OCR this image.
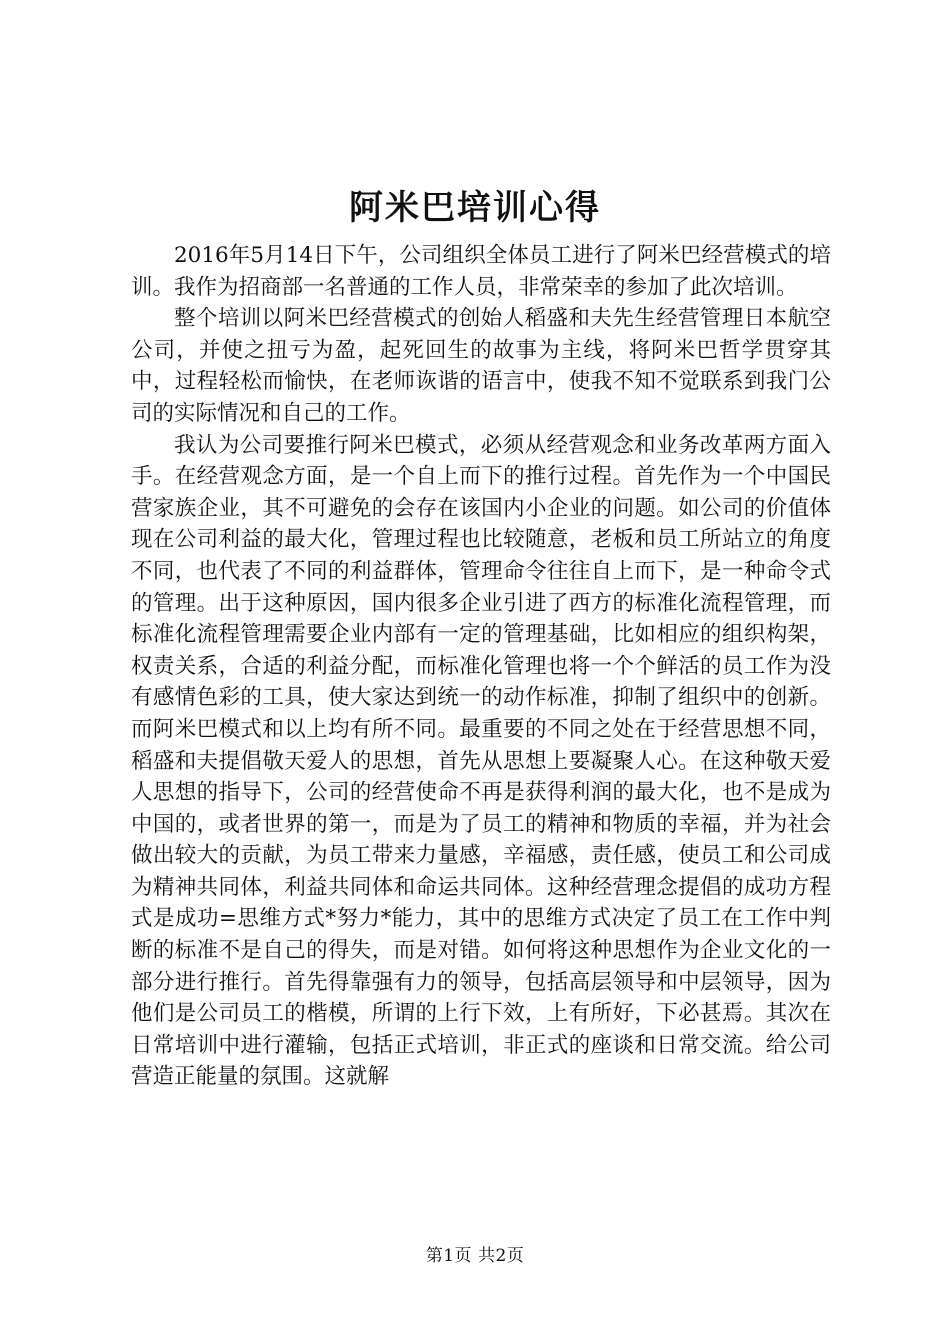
阿米巴培训心得

2016年5月14日下午，公司组织全体员工进行了阿米巴经营模式的培训。我作为招商部一名普通的工作人员，非常荣幸的参加了此次培训。

整个培训以阿米巴经营模式的创始人稻盛和夫先生经营管理日本航空公司，并使之扭亏为盈，起死回生的故事为主线，将阿米巴哲学贯穿其中，过程轻松而愉快，在老师诙谐的语言中，使我不知不觉联系到我门公司的实际情况和自己的工作。

我认为公司要推行阿米巴模式，必须从经营观念和业务改革两方面入手。在经营观念方面，是一个自上而下的推行过程。首先作为一个中国民营家族企业，其不可避免的会存在该国内小企业的问题。如公司的价值体现在公司利益的最大化，管理过程也比较随意，老板和员工所站立的角度不同，也代表了不同的利益群体，管理命令往往自上而下，是一种命令式的管理。出于这种原因，国内很多企业引进了西方的标准化流程管理，而标准化流程管理需要企业内部有一定的管理基础，比如相应的组织构架，权责关系，合适的利益分配，而标准化管理也将一个个鲜活的员工作为没有感情色彩的工具，使大家达到统一的动作标准，抑制了组织中的创新。而阿米巴模式和以上均有所不同。最重要的不同之处在于经营思想不同，稻盛和夫提倡敬天爱人的思想，首先从思想上要凝聚人心。在这种敬天爱人思想的指导下，公司的经营使命不再是获得利润的最大化，也不是成为中国的，或者世界的第一，而是为了员工的精神和物质的幸福，并为社会做出较大的贡献，为员工带来力量感，辛福感，责任感，使员工和公司成为精神共同体，利益共同体和命运共同体。这种经营理念提倡的成功方程式是成功=思维方式*努力*能力，其中的思维方式决定了员工在工作中判断的标准不是自己的得失，而是对错。如何将这种思想作为企业文化的一部分进行推行。首先得靠强有力的领导，包括高层领导和中层领导，因为他们是公司员工的楷模，所谓的上行下效，上有所好，下必甚焉。其次在日常培训中进行灌输，包括正式培训，非正式的座谈和日常交流。给公司营造正能量的氛围。这就解

第1页 共2页
